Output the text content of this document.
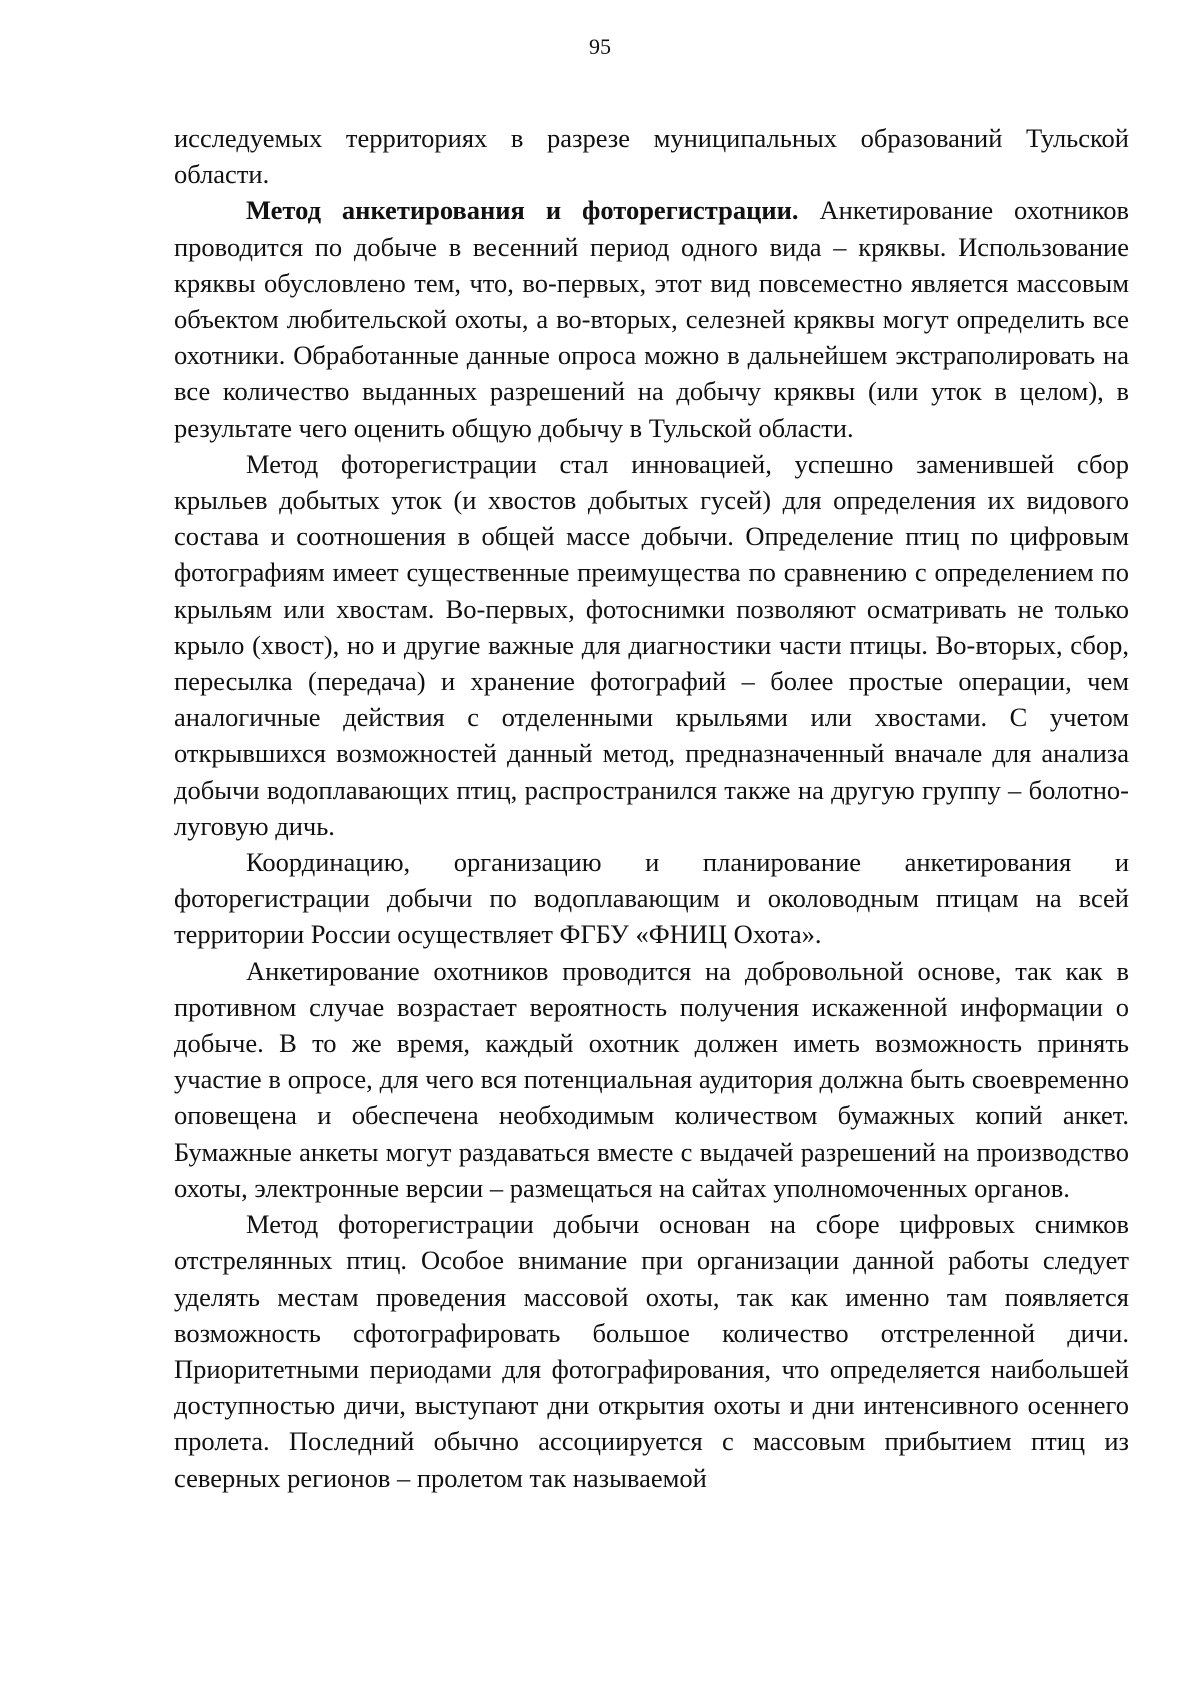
95

исследуемых территориях в разрезе муниципальных образований Тульской области.

Метод анкетирования и фоторегистрации. Анкетирование охотников проводится по добыче в весенний период одного вида – кряквы. Использование кряквы обусловлено тем, что, во-первых, этот вид повсеместно является массовым объектом любительской охоты, а во-вторых, селезней кряквы могут определить все охотники. Обработанные данные опроса можно в дальнейшем экстраполировать на все количество выданных разрешений на добычу кряквы (или уток в целом), в результате чего оценить общую добычу в Тульской области.

Метод фоторегистрации стал инновацией, успешно заменившей сбор крыльев добытых уток (и хвостов добытых гусей) для определения их видового состава и соотношения в общей массе добычи. Определение птиц по цифровым фотографиям имеет существенные преимущества по сравнению с определением по крыльям или хвостам. Во-первых, фотоснимки позволяют осматривать не только крыло (хвост), но и другие важные для диагностики части птицы. Во-вторых, сбор, пересылка (передача) и хранение фотографий – более простые операции, чем аналогичные действия с отделенными крыльями или хвостами. С учетом открывшихся возможностей данный метод, предназначенный вначале для анализа добычи водоплавающих птиц, распространился также на другую группу – болотно-луговую дичь.

Координацию, организацию и планирование анкетирования и фоторегистрации добычи по водоплавающим и околоводным птицам на всей территории России осуществляет ФГБУ «ФНИЦ Охота».

Анкетирование охотников проводится на добровольной основе, так как в противном случае возрастает вероятность получения искаженной информации о добыче. В то же время, каждый охотник должен иметь возможность принять участие в опросе, для чего вся потенциальная аудитория должна быть своевременно оповещена и обеспечена необходимым количеством бумажных копий анкет. Бумажные анкеты могут раздаваться вместе с выдачей разрешений на производство охоты, электронные версии – размещаться на сайтах уполномоченных органов.

Метод фоторегистрации добычи основан на сборе цифровых снимков отстрелянных птиц. Особое внимание при организации данной работы следует уделять местам проведения массовой охоты, так как именно там появляется возможность сфотографировать большое количество отстреленной дичи. Приоритетными периодами для фотографирования, что определяется наибольшей доступностью дичи, выступают дни открытия охоты и дни интенсивного осеннего пролета. Последний обычно ассоциируется с массовым прибытием птиц из северных регионов – пролетом так называемой
